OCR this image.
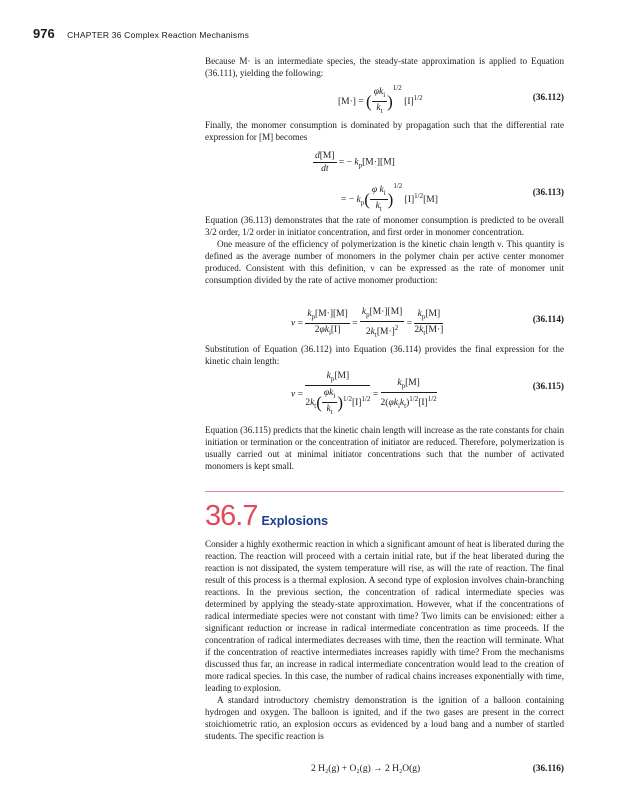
976 CHAPTER 36 Complex Reaction Mechanisms

Because M· is an intermediate species, the steady-state approximation is applied to Equation (36.111), yielding the following:

[M·] = ( $\frac{\varphi k_i}{k_t} )^{1/2}$ $[I]^{1/2}$	(36.112)

Finally, the monomer consumption is dominated by propagation such that the differential rate expression for [M] becomes

$\frac{d[M]}{dt}$ = − $k_p[M\cdot][M]$
= − $k_p( \frac{\varphi k_i}{k_t} )^{1/2}$ $[I]^{1/2}[M]$
(36.113)

Equation (36.113) demonstrates that the rate of monomer consumption is predicted to be overall 3/2 order, 1/2 order in initiator concentration, and first order in monomer concentration.

One measure of the efficiency of polymerization is the kinetic chain length ν. This quantity is defined as the average number of monomers in the polymer chain per active center monomer produced. Consistent with this definition, ν can be expressed as the rate of monomer unit consumption divided by the rate of active monomer production:

$\nu = \frac{k_p[M\cdot][M]}{2\varphi k_i[I]} = \frac{k_p[M\cdot][M]}{2k_t[M\cdot]^2} = \frac{k_p[M]}{2k_t[M\cdot]}$	(36.114)

Substitution of Equation (36.112) into Equation (36.114) provides the final expression for the kinetic chain length:

$\nu = \frac{k_p[M]}{2k_t( \frac{\varphi k_i}{k_t} )^{1/2}[I]^{1/2}} = \frac{k_p[M]}{2(\varphi k_ik_t)^{1/2}[I]^{1/2}}$	(36.115)

Equation (36.115) predicts that the kinetic chain length will increase as the rate constants for chain initiation or termination or the concentration of initiator are reduced. Therefore, polymerization is usually carried out at minimal initiator concentrations such that the number of activated monomers is kept small.

36.7 Explosions

Consider a highly exothermic reaction in which a significant amount of heat is liberated during the reaction. The reaction will proceed with a certain initial rate, but if the heat liberated during the reaction is not dissipated, the system temperature will rise, as will the rate of reaction. The final result of this process is a thermal explosion. A second type of explosion involves chain-branching reactions. In the previous section, the concentration of radical intermediate species was determined by applying the steady-state approximation. However, what if the concentrations of radical intermediate species were not constant with time? Two limits can be envisioned: either a significant reduction or increase in radical intermediate concentration as time proceeds. If the concentration of radical intermediates decreases with time, then the reaction will terminate. What if the concentration of reactive intermediates increases rapidly with time? From the mechanisms discussed thus far, an increase in radical intermediate concentration would lead to the creation of more radical species. In this case, the number of radical chains increases exponentially with time, leading to explosion.

A standard introductory chemistry demonstration is the ignition of a balloon containing hydrogen and oxygen. The balloon is ignited, and if the two gases are present in the correct stoichiometric ratio, an explosion occurs as evidenced by a loud bang and a number of startled students. The specific reaction is

2 H₂(g) + O₂(g) → 2 H₂O(g)	(36.116)
